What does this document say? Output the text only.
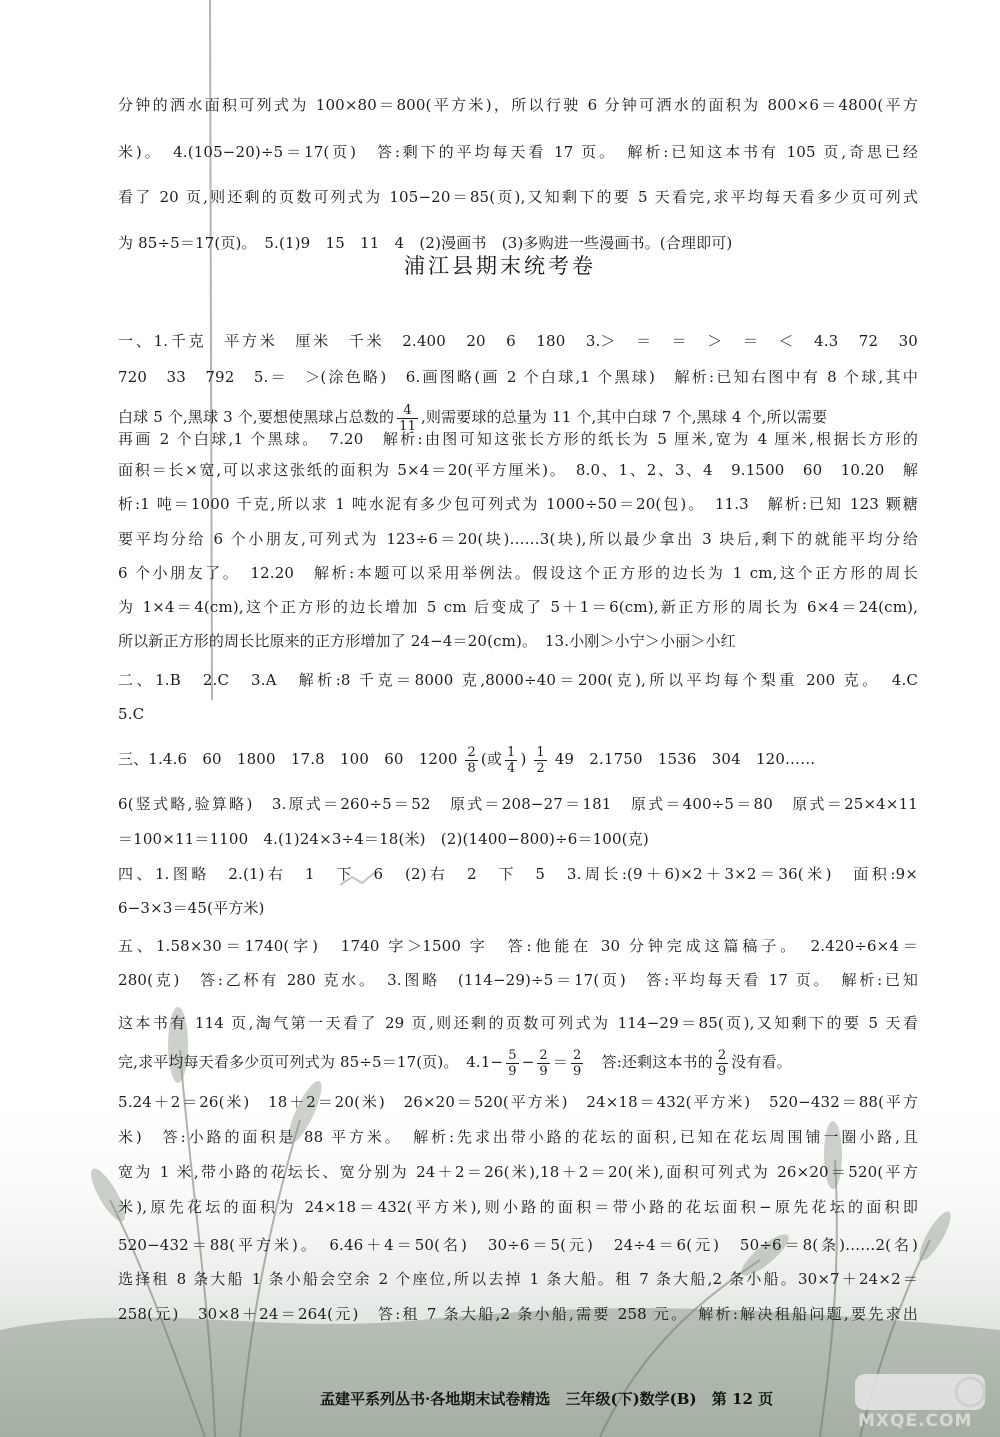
分钟的洒水面积可列式为 100×80＝800(平方米)，所以行驶 6 分钟可洒水的面积为 800×6＝4800(平方
米)。　4.(105−20)÷5＝17(页)　答:剩下的平均每天看 17 页。　解析:已知这本书有 105 页,奇思已经
看了 20 页,则还剩的页数可列式为 105−20＝85(页),又知剩下的要 5 天看完,求平均每天看多少页可列式
为 85÷5＝17(页)。　5.(1)9　15　11　4　(2)漫画书　(3)多购进一些漫画书。(合理即可)
浦江县期末统考卷
一、1.千克　平方米　厘米　千米　2.400　20　6　180　3.＞　＝　＝　＞　＝　＜　4.3　72　30
720　33　792　5.＝　＞(涂色略)　6.画图略(画 2 个白球,1 个黑球)　解析:已知右图中有 8 个球,其中
白球 5 个,黑球 3 个,要想使黑球占总数的 $\frac{4}{11}$ ,则需要球的总量为 11 个,其中白球 7 个,黑球 4 个,所以需要
再画 2 个白球,1 个黑球。　7.20　解析:由图可知这张长方形的纸长为 5 厘米,宽为 4 厘米,根据长方形的
面积＝长×宽,可以求这张纸的面积为 5×4＝20(平方厘米)。　8.0、1、2、3、4　9.1500　60　10.20　解
析:1 吨＝1000 千克,所以求 1 吨水泥有多少包可列式为 1000÷50＝20(包)。　11.3　解析:已知 123 颗糖
要平均分给 6 个小朋友,可列式为 123÷6＝20(块)……3(块),所以最少拿出 3 块后,剩下的就能平均分给
6 个小朋友了。　12.20　解析:本题可以采用举例法。假设这个正方形的边长为 1 cm,这个正方形的周长
为 1×4＝4(cm),这个正方形的边长增加 5 cm 后变成了 5＋1＝6(cm),新正方形的周长为 6×4＝24(cm),
所以新正方形的周长比原来的正方形增加了 24−4＝20(cm)。　13.小刚＞小宁＞小丽＞小红
二、1.B　2.C　3.A　解析:8 千克＝8000 克,8000÷40＝200(克),所以平均每个梨重 200 克。　4.C
5.C
三、1.4.6　60　1800　17.8　100　60　$1200 \frac{2}{8}$ (或 $\frac{1}{4}$ ) $\frac{1}{2} 49$　2.1750　1536　304　120……
6(竖式略,验算略)　3.原式＝260÷5＝52　原式＝208−27＝181　原式＝400÷5＝80　原式＝25×4×11
＝100×11＝1100　4.(1)24×3÷4＝18(米)　(2)(1400−800)÷6＝100(克)
四、1.图略　2.(1)右　1　下　6　(2)右　2　下　5　3.周长:(9＋6)×2＋3×2＝36(米)　面积:9×
6−3×3＝45(平方米)
五、1.58×30＝1740(字)　1740 字＞1500 字　答:他能在 30 分钟完成这篇稿子。　2.420÷6×4＝
280(克)　答:乙杯有 280 克水。　3.图略　(114−29)÷5＝17(页)　答:平均每天看 17 页。　解析:已知
这本书有 114 页,淘气第一天看了 29 页,则还剩的页数可列式为 114−29＝85(页),又知剩下的要 5 天看
完,求平均每天看多少页可列式为 85÷5＝17(页)。　$4.1- \frac{5}{9} - \frac{2}{9} = \frac{2}{9}$ 　答:还剩这本书的 $\frac{2}{9}$ 没有看。
5.24＋2＝26(米)　18＋2＝20(米)　26×20＝520(平方米)　24×18＝432(平方米)　520−432＝88(平方
米)　答:小路的面积是 88 平方米。　解析:先求出带小路的花坛的面积,已知在花坛周围铺一圈小路,且
宽为 1 米,带小路的花坛长、宽分别为 24＋2＝26(米),18＋2＝20(米),面积可列式为 26×20＝520(平方
米),原先花坛的面积为 24×18＝432(平方米),则小路的面积＝带小路的花坛面积−原先花坛的面积即
520−432＝88(平方米)。　6.46＋4＝50(名)　30÷6＝5(元)　24÷4＝6(元)　50÷6＝8(条)……2(名)
选择租 8 条大船 1 条小船会空余 2 个座位,所以去掉 1 条大船。租 7 条大船,2 条小船。30×7＋24×2＝
258(元)　30×8＋24＝264(元)　答:租 7 条大船,2 条小船,需要 258 元。　解析:解决租船问题,要先求出
孟建平系列丛书·各地期末试卷精选 三年级(下)数学(B) 第 12 页
MXQE.COM
